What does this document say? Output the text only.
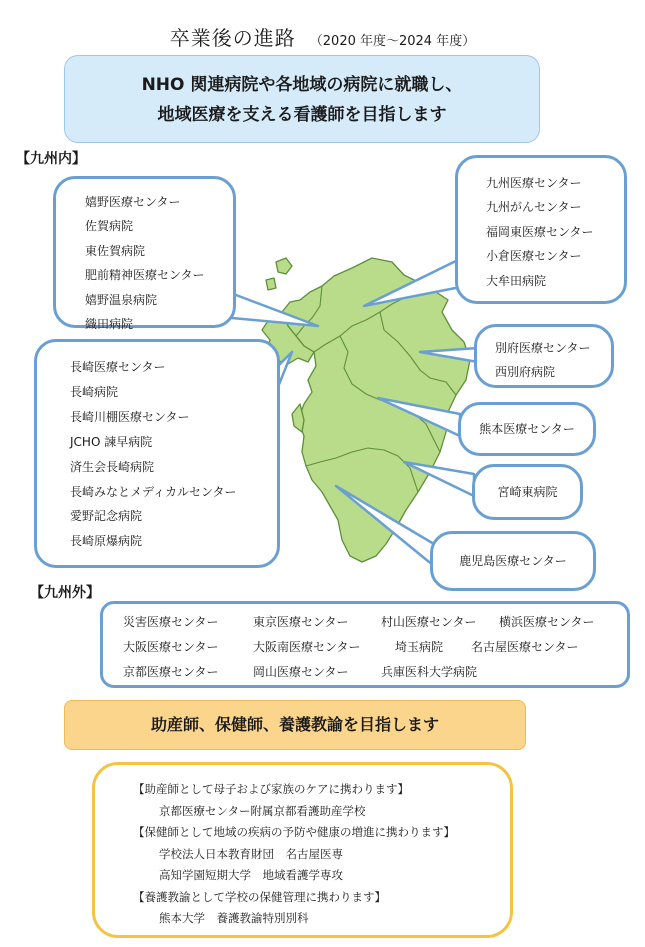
卒業後の進路 （2020 年度～2024 年度）
NHO 関連病院や各地域の病院に就職し、
地域医療を支える看護師を目指します
【九州内】
嬉野医療センター
佐賀病院
東佐賀病院
肥前精神医療センター
嬉野温泉病院
織田病院
長崎医療センター
長崎病院
長崎川棚医療センター
JCHO 諫早病院
済生会長崎病院
長崎みなとメディカルセンター
愛野記念病院
長崎原爆病院
九州医療センター
九州がんセンター
福岡東医療センター
小倉医療センター
大牟田病院
別府医療センター
西別府病院
熊本医療センター
宮崎東病院
鹿児島医療センター
【九州外】
災害医療センター	東京医療センター	村山医療センター	横浜医療センター
大阪医療センター	大阪南医療センター	埼玉病院	名古屋医療センター
京都医療センター	岡山医療センター	兵庫医科大学病院
助産師、保健師、養護教諭を目指します
【助産師として母子および家族のケアに携わります】
京都医療センター附属京都看護助産学校
【保健師として地域の疾病の予防や健康の増進に携わります】
学校法人日本教育財団　名古屋医専
高知学園短期大学　地域看護学専攻
【養護教諭として学校の保健管理に携わります】
熊本大学　養護教諭特別別科
